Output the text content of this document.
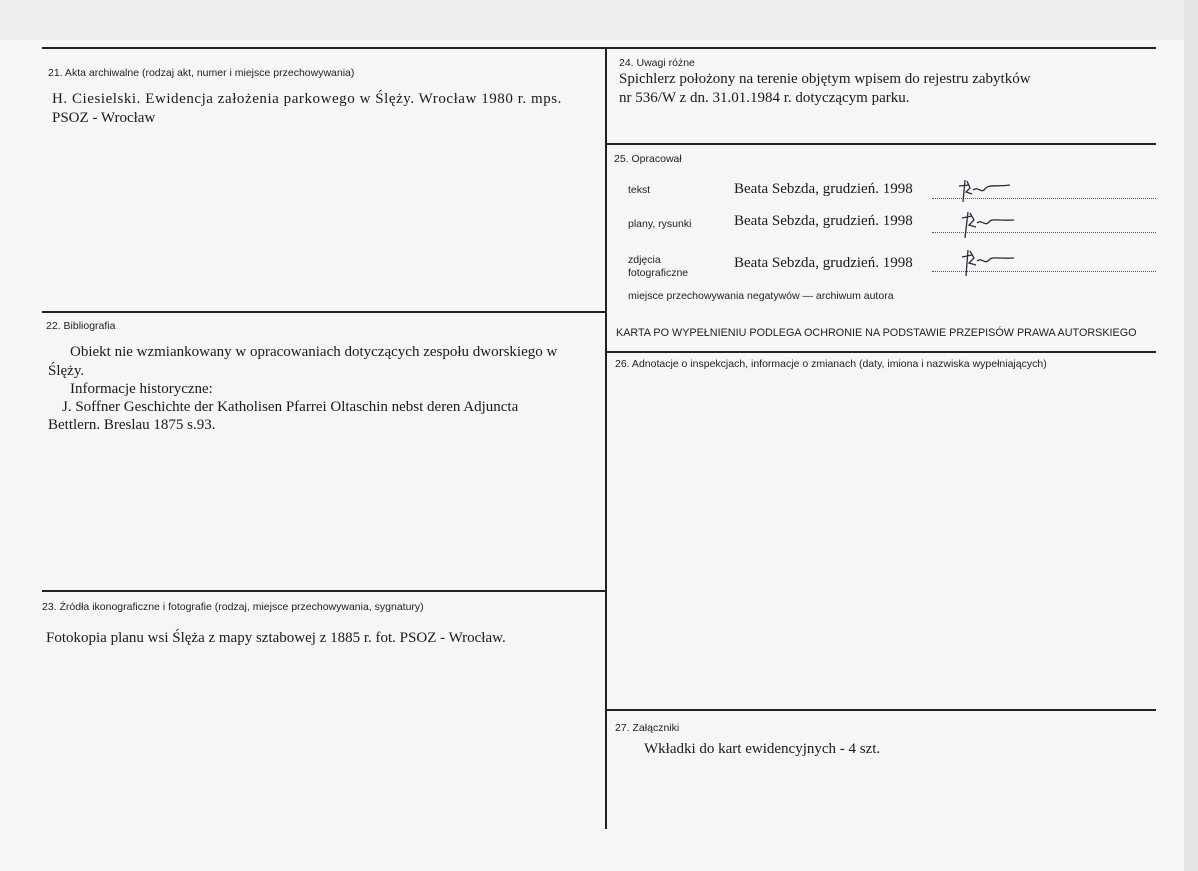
21. Akta archiwalne (rodzaj akt, numer i miejsce przechowywania)
H. Ciesielski. Ewidencja założenia parkowego w Ślęży. Wrocław 1980 r. mps.
PSOZ - Wrocław
22. Bibliografia
Obiekt nie wzmiankowany w opracowaniach dotyczących zespołu dworskiego w
Ślęży.
Informacje historyczne:
J. Soffner Geschichte der Katholisen Pfarrei Oltaschin nebst deren Adjuncta
Bettlern. Breslau 1875 s.93.
23. Źródła ikonograficzne i fotografie (rodzaj, miejsce przechowywania, sygnatury)
Fotokopia planu wsi Ślęża z mapy sztabowej z 1885 r. fot. PSOZ - Wrocław.
24. Uwagi różne
Spichlerz położony na terenie objętym wpisem do rejestru zabytków
nr 536/W z dn. 31.01.1984 r. dotyczącym parku.
25. Opracował
tekst	Beata Sebzda, grudzień. 1998
plany, rysunki	Beata Sebzda, grudzień. 1998
zdjęcia
fotograficzne
Beata Sebzda, grudzień. 1998
miejsce przechowywania negatywów — archiwum autora
KARTA PO WYPEŁNIENIU PODLEGA OCHRONIE NA PODSTAWIE PRZEPISÓW PRAWA AUTORSKIEGO
26. Adnotacje o inspekcjach, informacje o zmianach (daty, imiona i nazwiska wypełniających)
27. Załączniki
Wkładki do kart ewidencyjnych - 4 szt.
